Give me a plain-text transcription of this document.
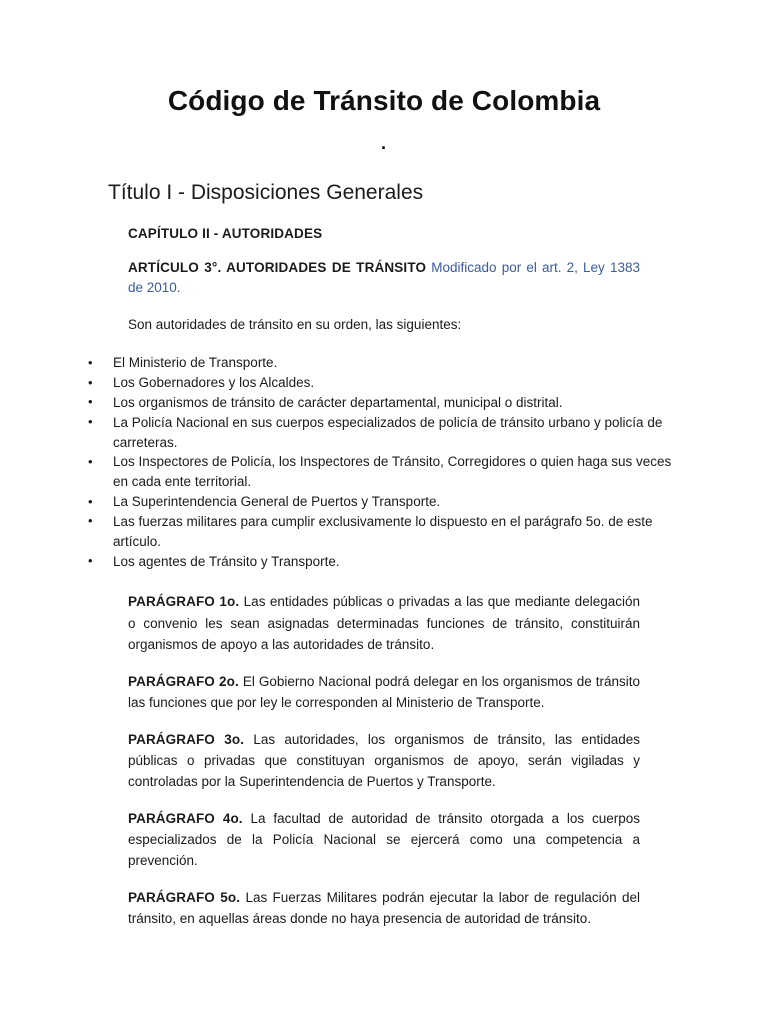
Código de Tránsito de Colombia
·
Título I - Disposiciones Generales
CAPÍTULO II - AUTORIDADES

ARTÍCULO 3°. AUTORIDADES DE TRÁNSITO Modificado por el art. 2, Ley 1383 de 2010.

Son autoridades de tránsito en su orden, las siguientes:

• El Ministerio de Transporte.
• Los Gobernadores y los Alcaldes.
• Los organismos de tránsito de carácter departamental, municipal o distrital.
• La Policía Nacional en sus cuerpos especializados de policía de tránsito urbano y policía de carreteras.
• Los Inspectores de Policía, los Inspectores de Tránsito, Corregidores o quien haga sus veces en cada ente territorial.
• La Superintendencia General de Puertos y Transporte.
• Las fuerzas militares para cumplir exclusivamente lo dispuesto en el parágrafo 5o. de este artículo.
• Los agentes de Tránsito y Transporte.

PARÁGRAFO 1o. Las entidades públicas o privadas a las que mediante delegación o convenio les sean asignadas determinadas funciones de tránsito, constituirán organismos de apoyo a las autoridades de tránsito.

PARÁGRAFO 2o. El Gobierno Nacional podrá delegar en los organismos de tránsito las funciones que por ley le corresponden al Ministerio de Transporte.

PARÁGRAFO 3o. Las autoridades, los organismos de tránsito, las entidades públicas o privadas que constituyan organismos de apoyo, serán vigiladas y controladas por la Superintendencia de Puertos y Transporte.

PARÁGRAFO 4o. La facultad de autoridad de tránsito otorgada a los cuerpos especializados de la Policía Nacional se ejercerá como una competencia a prevención.

PARÁGRAFO 5o. Las Fuerzas Militares podrán ejecutar la labor de regulación del tránsito, en aquellas áreas donde no haya presencia de autoridad de tránsito.
